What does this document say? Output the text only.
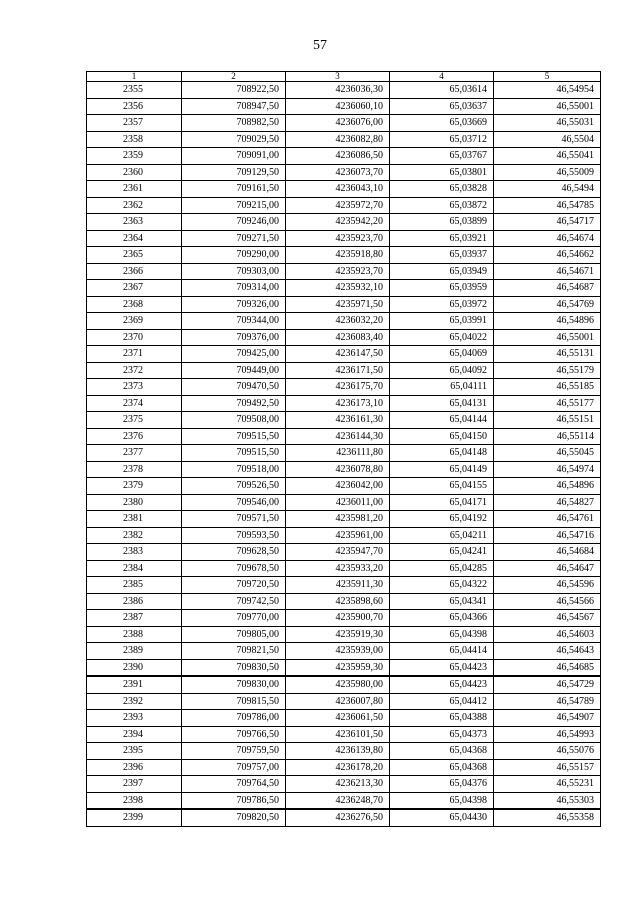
57
1	2	3	4	5
2355	708922,50	4236036,30	65,03614	46,54954
2356	708947,50	4236060,10	65,03637	46,55001
2357	708982,50	4236076,00	65,03669	46,55031
2358	709029,50	4236082,80	65,03712	46,5504
2359	709091,00	4236086,50	65,03767	46,55041
2360	709129,50	4236073,70	65,03801	46,55009
2361	709161,50	4236043,10	65,03828	46,5494
2362	709215,00	4235972,70	65,03872	46,54785
2363	709246,00	4235942,20	65,03899	46,54717
2364	709271,50	4235923,70	65,03921	46,54674
2365	709290,00	4235918,80	65,03937	46,54662
2366	709303,00	4235923,70	65,03949	46,54671
2367	709314,00	4235932,10	65,03959	46,54687
2368	709326,00	4235971,50	65,03972	46,54769
2369	709344,00	4236032,20	65,03991	46,54896
2370	709376,00	4236083,40	65,04022	46,55001
2371	709425,00	4236147,50	65,04069	46,55131
2372	709449,00	4236171,50	65,04092	46,55179
2373	709470,50	4236175,70	65,04111	46,55185
2374	709492,50	4236173,10	65,04131	46,55177
2375	709508,00	4236161,30	65,04144	46,55151
2376	709515,50	4236144,30	65,04150	46,55114
2377	709515,50	4236111,80	65,04148	46,55045
2378	709518,00	4236078,80	65,04149	46,54974
2379	709526,50	4236042,00	65,04155	46,54896
2380	709546,00	4236011,00	65,04171	46,54827
2381	709571,50	4235981,20	65,04192	46,54761
2382	709593,50	4235961,00	65,04211	46,54716
2383	709628,50	4235947,70	65,04241	46,54684
2384	709678,50	4235933,20	65,04285	46,54647
2385	709720,50	4235911,30	65,04322	46,54596
2386	709742,50	4235898,60	65,04341	46,54566
2387	709770,00	4235900,70	65,04366	46,54567
2388	709805,00	4235919,30	65,04398	46,54603
2389	709821,50	4235939,00	65,04414	46,54643
2390	709830,50	4235959,30	65,04423	46,54685
2391	709830,00	4235980,00	65,04423	46,54729
2392	709815,50	4236007,80	65,04412	46,54789
2393	709786,00	4236061,50	65,04388	46,54907
2394	709766,50	4236101,50	65,04373	46,54993
2395	709759,50	4236139,80	65,04368	46,55076
2396	709757,00	4236178,20	65,04368	46,55157
2397	709764,50	4236213,30	65,04376	46,55231
2398	709786,50	4236248,70	65,04398	46,55303
2399	709820,50	4236276,50	65,04430	46,55358
